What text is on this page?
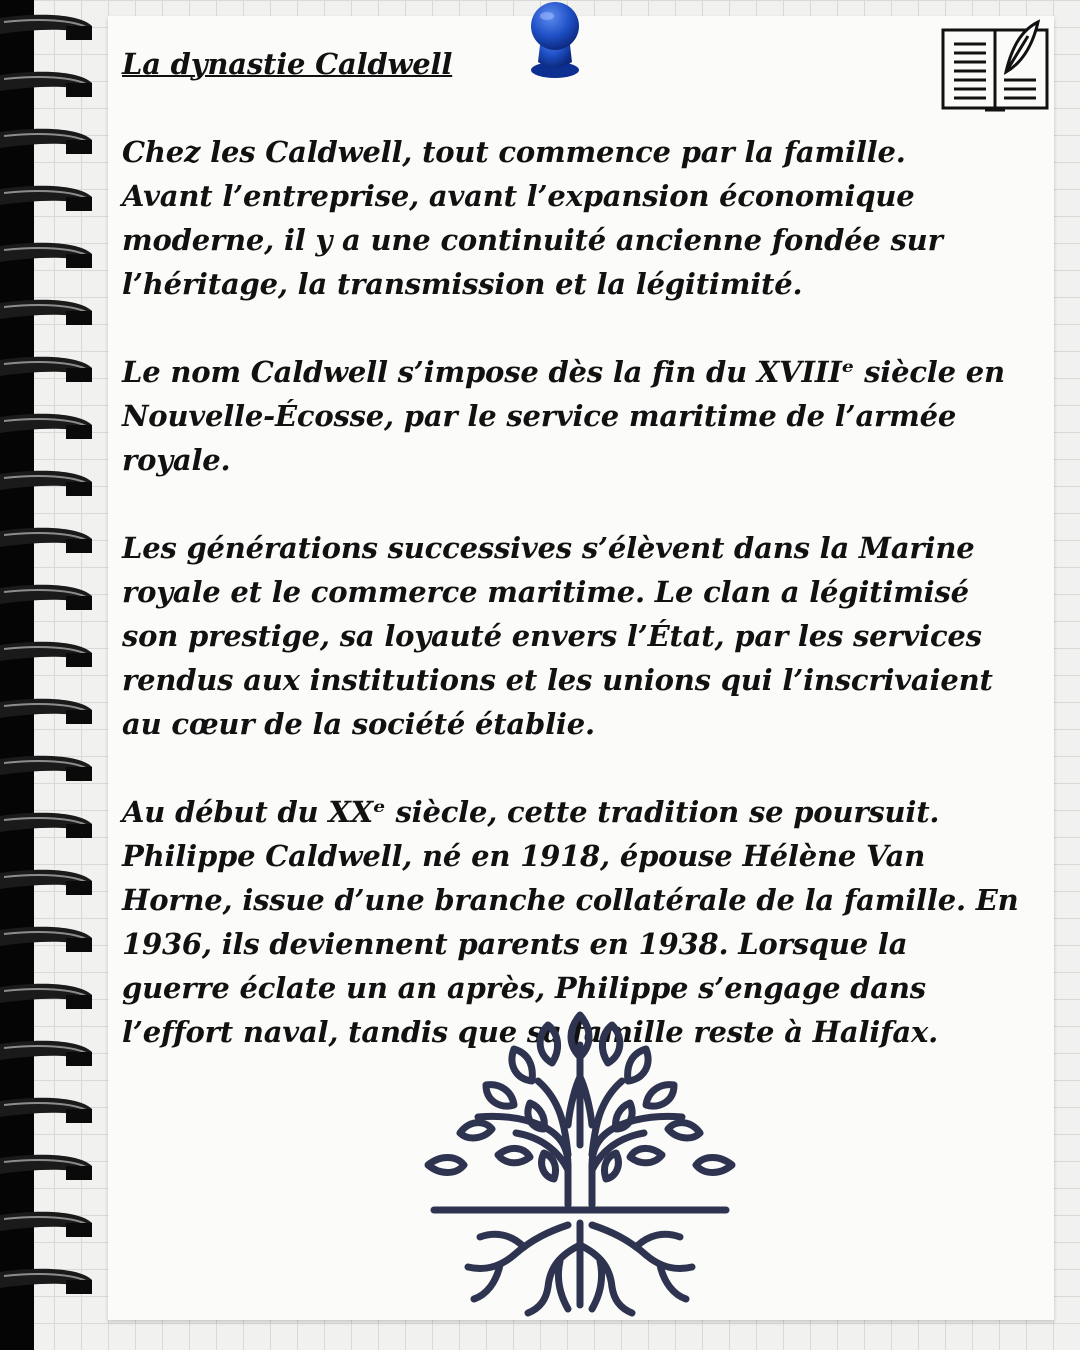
La dynastie Caldwell
Chez les Caldwell, tout commence par la famille.
Avant l’entreprise, avant l’expansion économique moderne, il y a une continuité ancienne fondée sur l’héritage, la transmission et la légitimité.
Le nom Caldwell s’impose dès la fin du XVIIIᵉ siècle en Nouvelle-Écosse, par le service maritime de l’armée royale.
Les générations successives s’élèvent dans la Marine royale et le commerce maritime. Le clan a légitimisé son prestige, sa loyauté envers l’État, par les services rendus aux institutions et les unions qui l’inscrivaient au cœur de la société établie.
Au début du XXᵉ siècle, cette tradition se poursuit. Philippe Caldwell, né en 1918, épouse Hélène Van Horne, issue d’une branche collatérale de la famille. En 1936, ils deviennent parents en 1938. Lorsque la guerre éclate un an après, Philippe s’engage dans l’effort naval, tandis que sa famille reste à Halifax.
